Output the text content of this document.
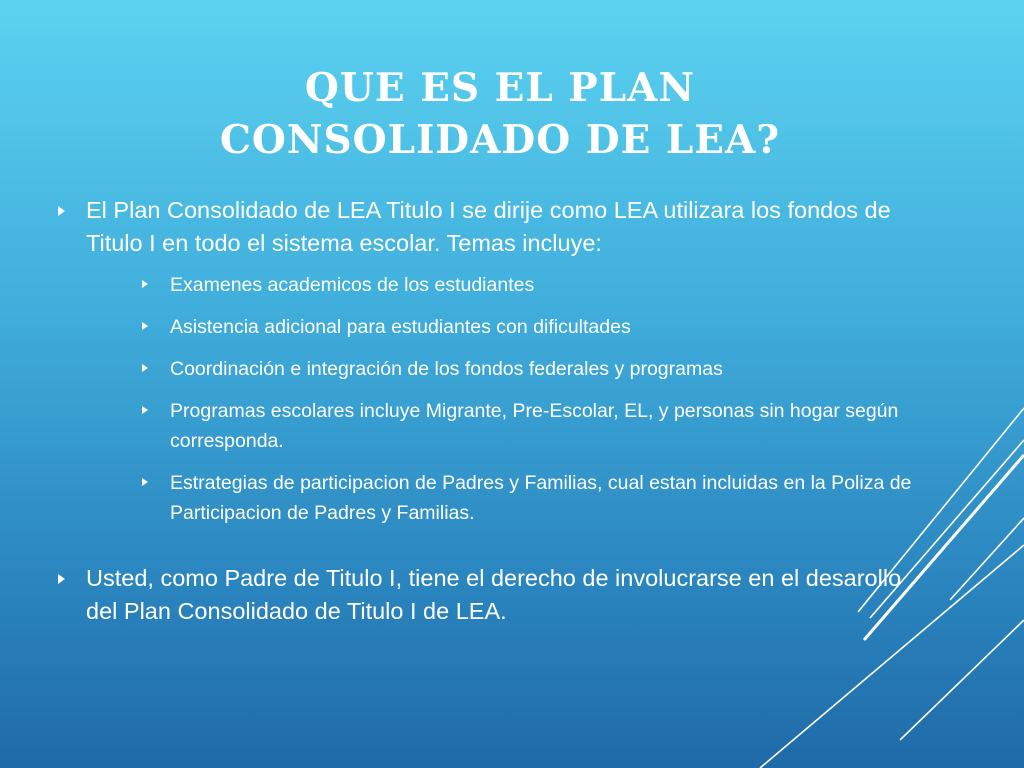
QUE ES EL PLAN
CONSOLIDADO DE LEA?
El Plan Consolidado de LEA Titulo I se dirije como LEA utilizara los fondos de Titulo I en todo el sistema escolar. Temas incluye:
Examenes academicos de los estudiantes
Asistencia adicional para estudiantes con dificultades
Coordinación e integración de los fondos federales y programas
Programas escolares incluye Migrante, Pre-Escolar, EL, y personas sin hogar según corresponda.
Estrategias de participacion de Padres y Familias, cual estan incluidas en la Poliza de Participacion de Padres y Familias.
Usted, como Padre de Titulo I, tiene el derecho de involucrarse en el desarollo del Plan Consolidado de Titulo I de LEA.
